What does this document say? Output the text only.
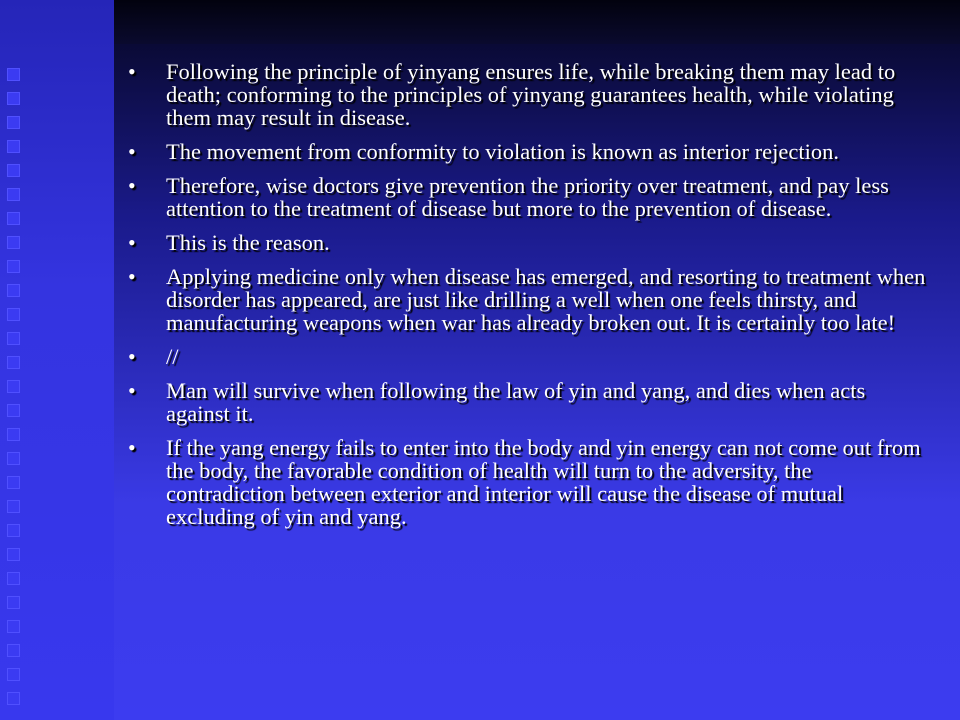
•	Following the principle of yinyang ensures life, while breaking them may lead to death; conforming to the principles of yinyang guarantees health, while violating them may result in disease.
•	The movement from conformity to violation is known as interior rejection.
•	Therefore, wise doctors give prevention the priority over treatment, and pay less attention to the treatment of disease but more to the prevention of disease.
•	This is the reason.
•	Applying medicine only when disease has emerged, and resorting to treatment when disorder has appeared, are just like drilling a well when one feels thirsty, and manufacturing weapons when war has already broken out. It is certainly too late!
•	//
•	Man will survive when following the law of yin and yang, and dies when acts against it.
•	If the yang energy fails to enter into the body and yin energy can not come out from the body, the favorable condition of health will turn to the adversity, the contradiction between exterior and interior will cause the disease of mutual excluding of yin and yang.
